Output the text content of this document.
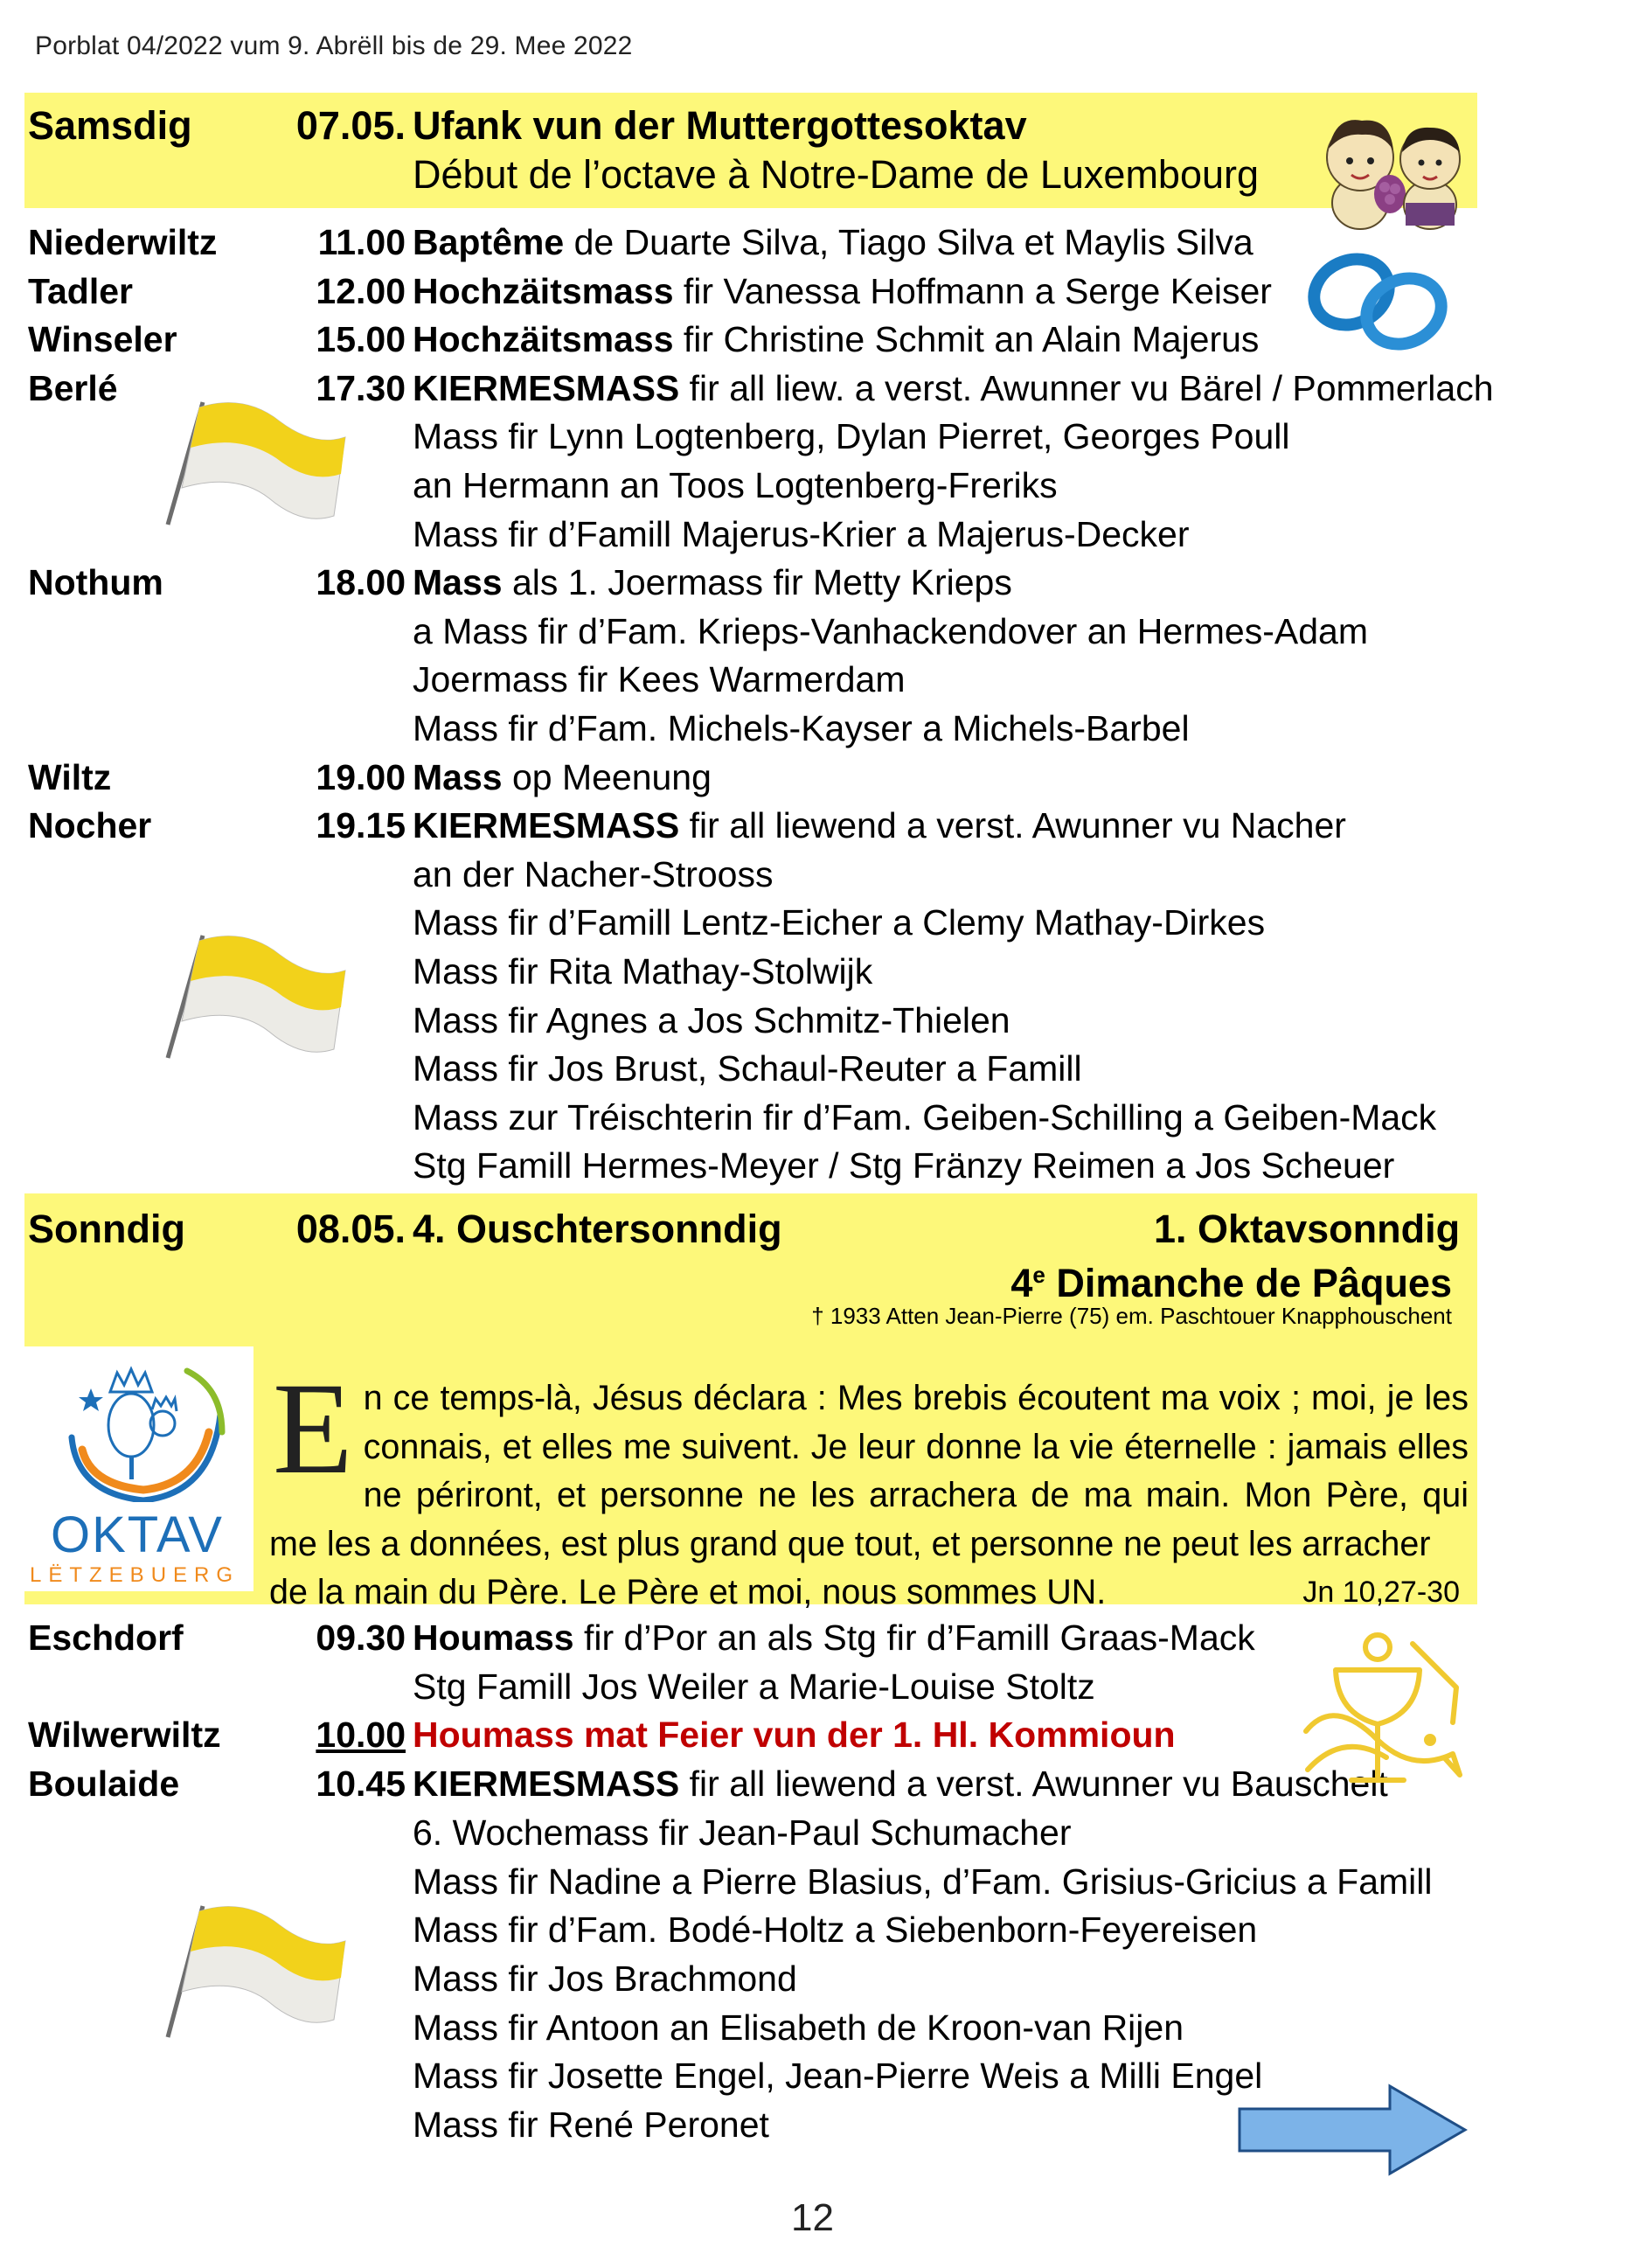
Porblat 04/2022 vum 9. Abrëll bis de 29. Mee 2022
Samsdig	07.05. Ufank vun der Muttergottesoktav
Début de l’octave à Notre-Dame de Luxembourg
Niederwiltz	11.00 Baptême de Duarte Silva, Tiago Silva et Maylis Silva
Tadler	12.00 Hochzäitsmass fir Vanessa Hoffmann a Serge Keiser
Winseler	15.00 Hochzäitsmass fir Christine Schmit an Alain Majerus
Berlé	17.30 KIERMESMASS fir all liew. a verst. Awunner vu Bärel / Pommerlach
Mass fir Lynn Logtenberg, Dylan Pierret, Georges Poull
an Hermann an Toos Logtenberg-Freriks
Mass fir d’Famill Majerus-Krier a Majerus-Decker
Nothum	18.00 Mass als 1. Joermass fir Metty Krieps
a Mass fir d’Fam. Krieps-Vanhackendover an Hermes-Adam
Joermass fir Kees Warmerdam
Mass fir d’Fam. Michels-Kayser a Michels-Barbel
Wiltz	19.00 Mass op Meenung
Nocher	19.15 KIERMESMASS fir all liewend a verst. Awunner vu Nacher
an der Nacher-Strooss
Mass fir d’Famill Lentz-Eicher a Clemy Mathay-Dirkes
Mass fir Rita Mathay-Stolwijk
Mass fir Agnes a Jos Schmitz-Thielen
Mass fir Jos Brust, Schaul-Reuter a Famill
Mass zur Tréischterin fir d’Fam. Geiben-Schilling a Geiben-Mack
Stg Famill Hermes-Meyer / Stg Fränzy Reimen a Jos Scheuer
Sonndig	08.05. 4. Ouschtersonndig	1. Oktavsonndig
4e Dimanche de Pâques
† 1933 Atten Jean-Pierre (75) em. Paschtouer Knapphouschent
OKTAV
LËTZEBUERG
En ce temps-là, Jésus déclara : Mes brebis écoutent ma voix ; moi, je les connais, et elles me suivent. Je leur donne la vie éternelle : jamais elles ne périront, et personne ne les arrachera de ma main. Mon Père, qui me les a données, est plus grand que tout, et personne ne peut les arracher
de la main du Père. Le Père et moi, nous sommes UN.	Jn 10,27-30
Eschdorf	09.30 Houmass fir d’Por an als Stg fir d’Famill Graas-Mack
Stg Famill Jos Weiler a Marie-Louise Stoltz
Wilwerwiltz	10.00 Houmass mat Feier vun der 1. Hl. Kommioun
Boulaide	10.45 KIERMESMASS fir all liewend a verst. Awunner vu Bauschelt
6. Wochemass fir Jean-Paul Schumacher
Mass fir Nadine a Pierre Blasius, d’Fam. Grisius-Gricius a Famill
Mass fir d’Fam. Bodé-Holtz a Siebenborn-Feyereisen
Mass fir Jos Brachmond
Mass fir Antoon an Elisabeth de Kroon-van Rijen
Mass fir Josette Engel, Jean-Pierre Weis a Milli Engel
Mass fir René Peronet
12
